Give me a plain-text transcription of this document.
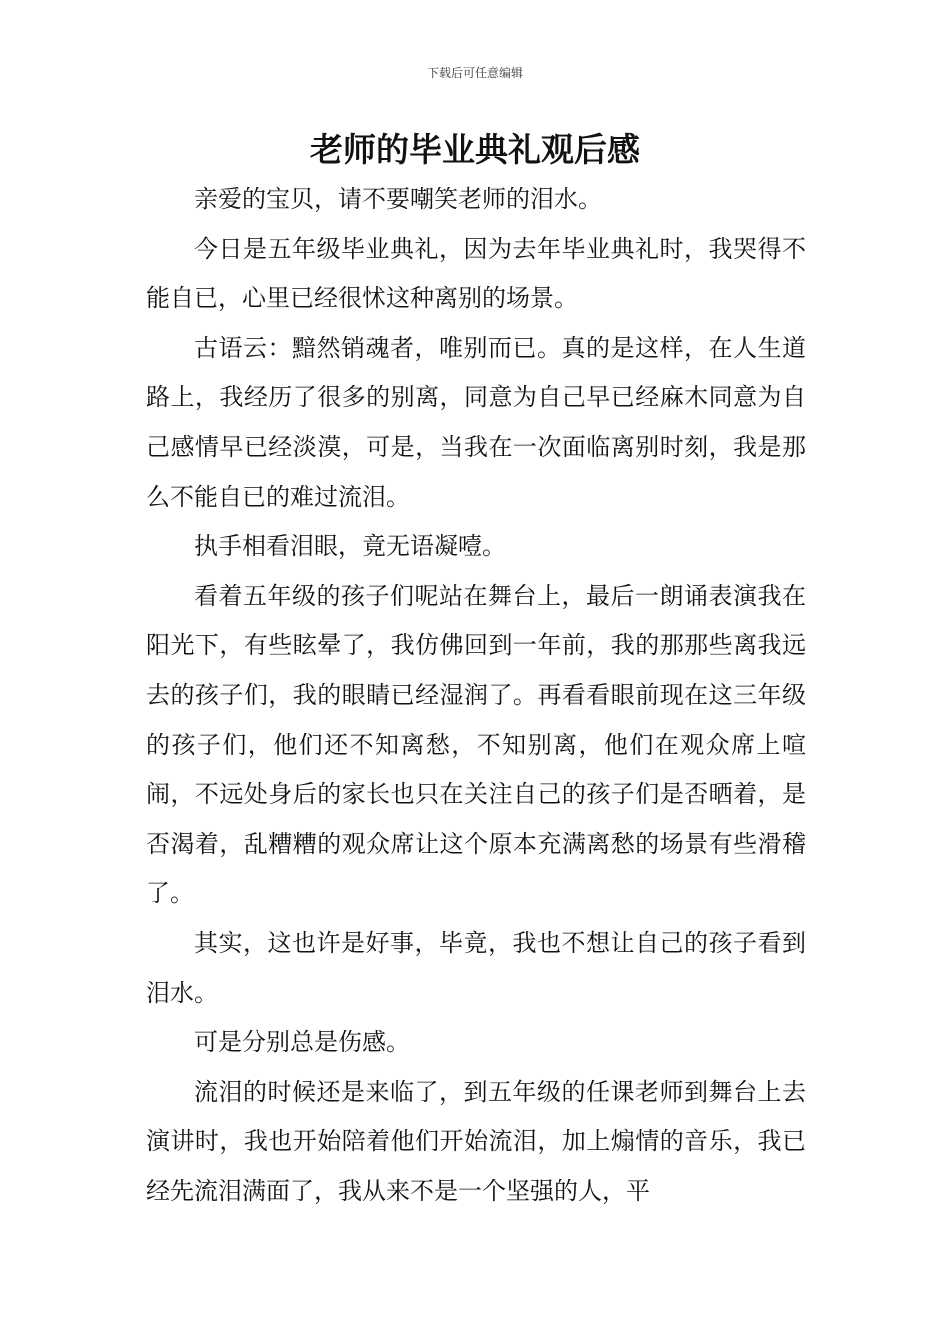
下载后可任意编辑
老师的毕业典礼观后感

亲爱的宝贝，请不要嘲笑老师的泪水。

今日是五年级毕业典礼，因为去年毕业典礼时，我哭得不能自已，心里已经很怵这种离别的场景。

古语云：黯然销魂者，唯别而已。真的是这样，在人生道路上，我经历了很多的别离，同意为自己早已经麻木同意为自己感情早已经淡漠，可是，当我在一次面临离别时刻，我是那么不能自已的难过流泪。

执手相看泪眼，竟无语凝噎。

看着五年级的孩子们呢站在舞台上，最后一朗诵表演我在阳光下，有些眩晕了，我仿佛回到一年前，我的那那些离我远去的孩子们，我的眼睛已经湿润了。再看看眼前现在这三年级的孩子们，他们还不知离愁，不知别离，他们在观众席上喧闹，不远处身后的家长也只在关注自己的孩子们是否晒着，是否渴着，乱糟糟的观众席让这个原本充满离愁的场景有些滑稽了。

其实，这也许是好事，毕竟，我也不想让自己的孩子看到泪水。

可是分别总是伤感。

流泪的时候还是来临了，到五年级的任课老师到舞台上去演讲时，我也开始陪着他们开始流泪，加上煽情的音乐，我已经先流泪满面了，我从来不是一个坚强的人，平
